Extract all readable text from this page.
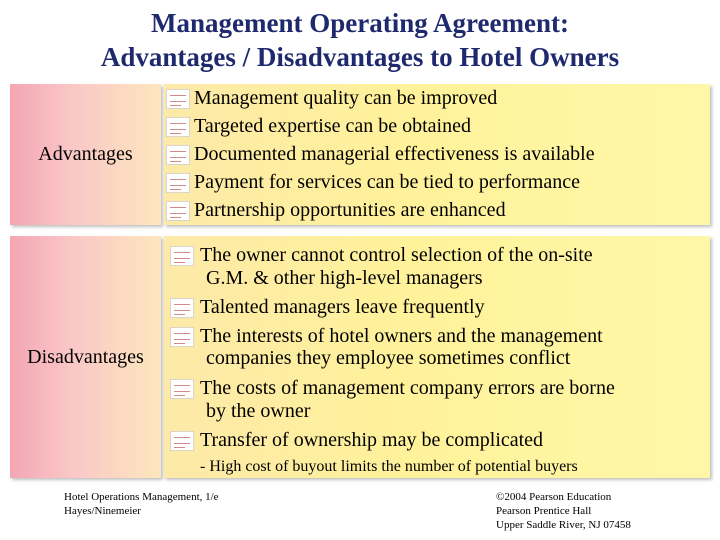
Management Operating Agreement:
Advantages / Disadvantages to Hotel Owners
Advantages
Management quality can be improved
Targeted expertise can be obtained
Documented managerial effectiveness is available
Payment for services can be tied to performance
Partnership opportunities are enhanced
Disadvantages
The owner cannot control selection of the on-site
G.M. & other high-level managers
Talented managers leave frequently
The interests of hotel owners and the management
companies they employee sometimes conflict
The costs of management company errors are borne
by the owner
Transfer of ownership may be complicated
- High cost of buyout limits the number of potential buyers
Hotel Operations Management, 1/e
Hayes/Ninemeier
©2004 Pearson Education
Pearson Prentice Hall
Upper Saddle River, NJ 07458
